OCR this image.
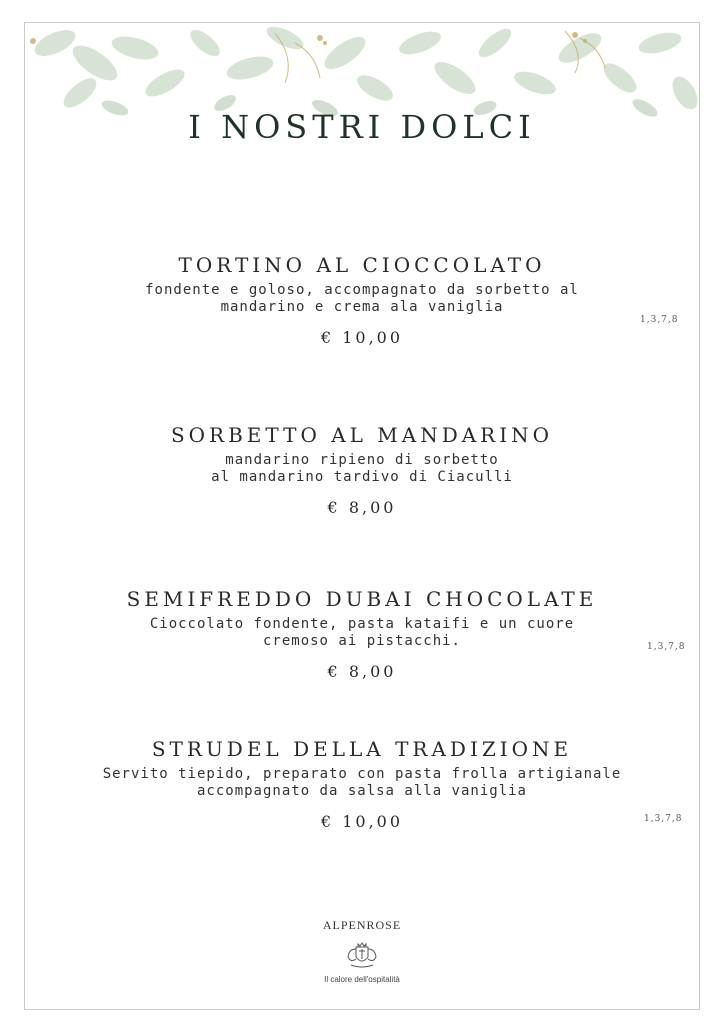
I NOSTRI DOLCI
TORTINO AL CIOCCOLATO
fondente e goloso, accompagnato da sorbetto al
mandarino e crema ala vaniglia
€ 10,00
1,3,7,8
SORBETTO AL MANDARINO
mandarino ripieno di sorbetto
al mandarino tardivo di Ciaculli
€ 8,00
SEMIFREDDO DUBAI CHOCOLATE
Cioccolato fondente, pasta kataifi e un cuore
cremoso ai pistacchi.
€ 8,00
1,3,7,8
STRUDEL DELLA TRADIZIONE
Servito tiepido, preparato con pasta frolla artigianale
accompagnato da salsa alla vaniglia
€ 10,00	1,3,7,8
ALPENROSE
Il calore dell'ospitalità
